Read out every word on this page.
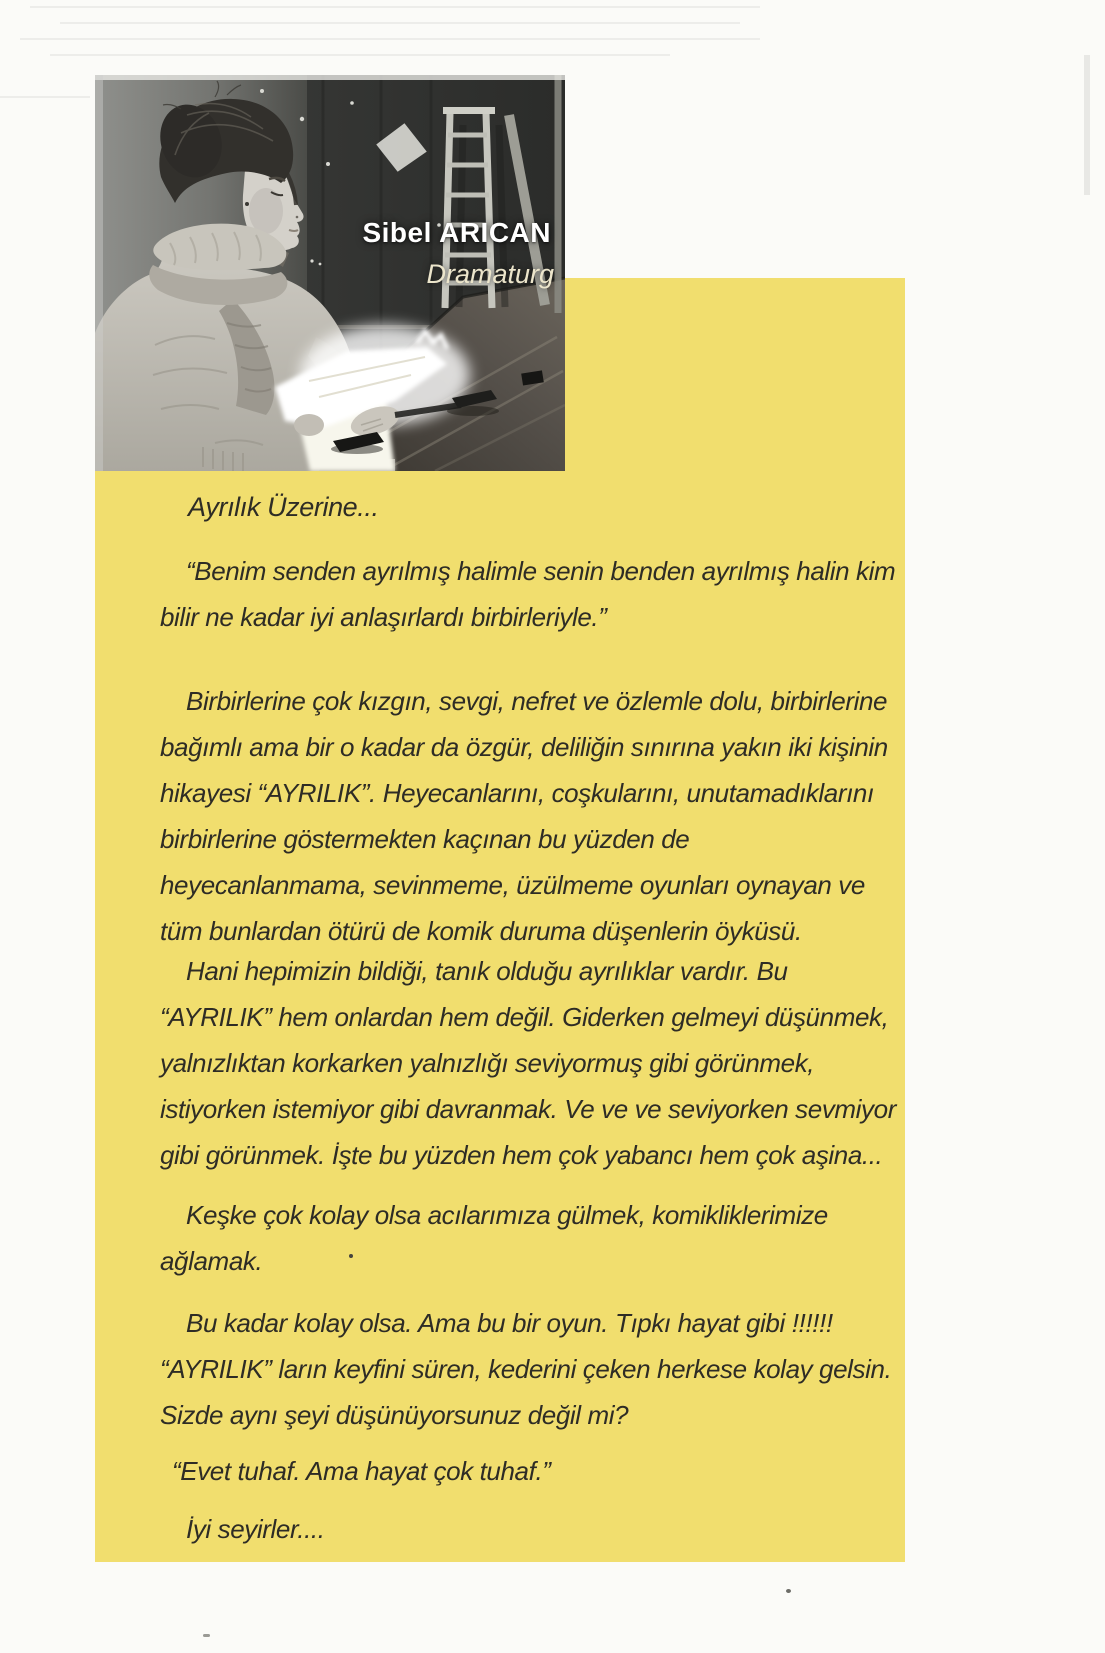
Sibel ARICAN
Dramaturg
Ayrılık Üzerine...

“Benim senden ayrılmış halimle senin benden ayrılmış halin kim bilir ne kadar iyi anlaşırlardı birbirleriyle.”

Birbirlerine çok kızgın, sevgi, nefret ve özlemle dolu, birbirlerine bağımlı ama bir o kadar da özgür, deliliğin sınırına yakın iki kişinin hikayesi “AYRILIK”. Heyecanlarını, coşkularını, unutamadıklarını birbirlerine göstermekten kaçınan bu yüzden de heyecanlanmama, sevinmeme, üzülmeme oyunları oynayan ve tüm bunlardan ötürü de komik duruma düşenlerin öyküsü.

Hani hepimizin bildiği, tanık olduğu ayrılıklar vardır. Bu “AYRILIK” hem onlardan hem değil. Giderken gelmeyi düşünmek, yalnızlıktan korkarken yalnızlığı seviyormuş gibi görünmek, istiyorken istemiyor gibi davranmak. Ve ve ve seviyorken sevmiyor gibi görünmek. İşte bu yüzden hem çok yabancı hem çok aşina...

Keşke çok kolay olsa acılarımıza gülmek, komikliklerimize ağlamak.

Bu kadar kolay olsa. Ama bu bir oyun. Tıpkı hayat gibi !!!!!! “AYRILIK” ların keyfini süren, kederini çeken herkese kolay gelsin. Sizde aynı şeyi düşünüyorsunuz değil mi?

“Evet tuhaf. Ama hayat çok tuhaf.”

İyi seyirler....
